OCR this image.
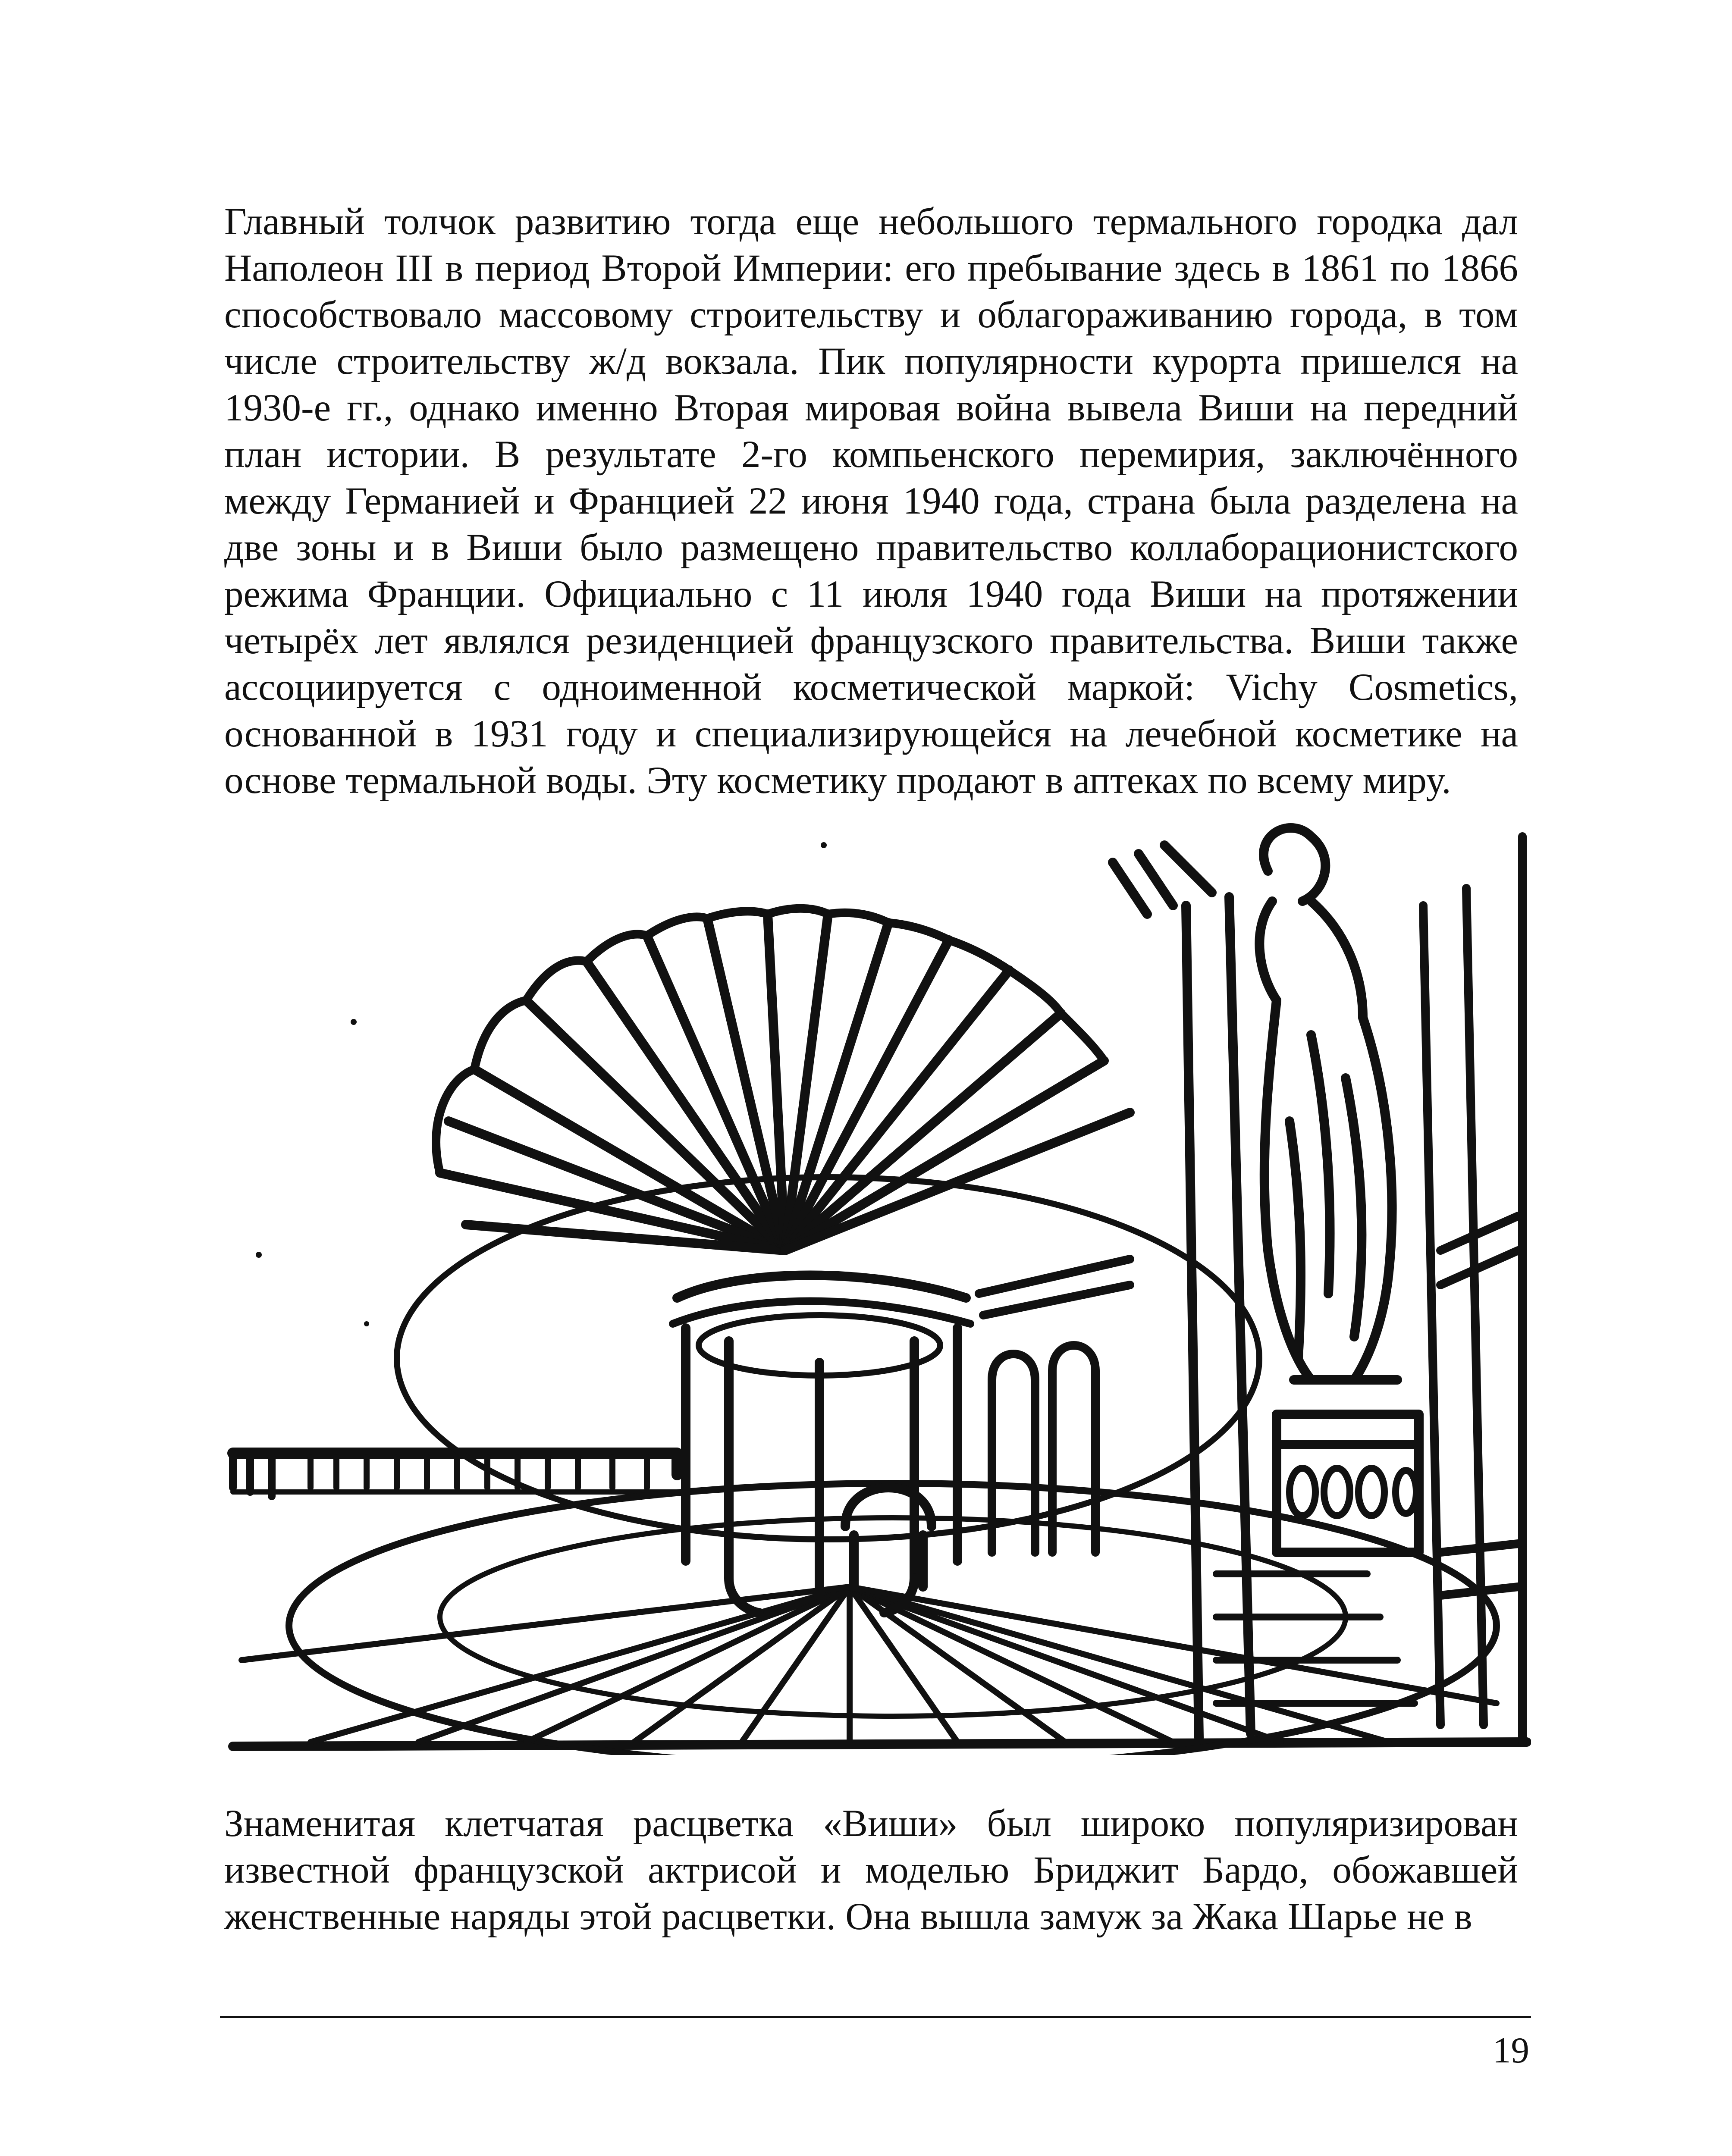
Главный толчок развитию тогда еще небольшого термального городка дал Наполеон III в период Второй Империи: его пребывание здесь в 1861 по 1866 способствовало массовому строительству и облагораживанию города, в том числе строительству ж/д вокзала. Пик популярности курорта пришелся на 1930-е гг., однако именно Вторая мировая война вывела Виши на передний план истории. В результате 2-го компьенского перемирия, заключённого между Германией и Францией 22 июня 1940 года, страна была разделена на две зоны и в Виши было размещено правительство коллаборационистского режима Франции. Официально с 11 июля 1940 года Виши на протяжении четырёх лет являлся резиденцией французского правительства. Виши также ассоциируется с одноименной косметической маркой: Vichy Cosmetics, основанной в 1931 году и специализирующейся на лечебной косметике на основе термальной воды. Эту косметику продают в аптеках по всему миру.

Знаменитая клетчатая расцветка «Виши» был широко популяризирован известной французской актрисой и моделью Бриджит Бардо, обожавшей женственные наряды этой расцветки. Она вышла замуж за Жака Шарье не в

19
